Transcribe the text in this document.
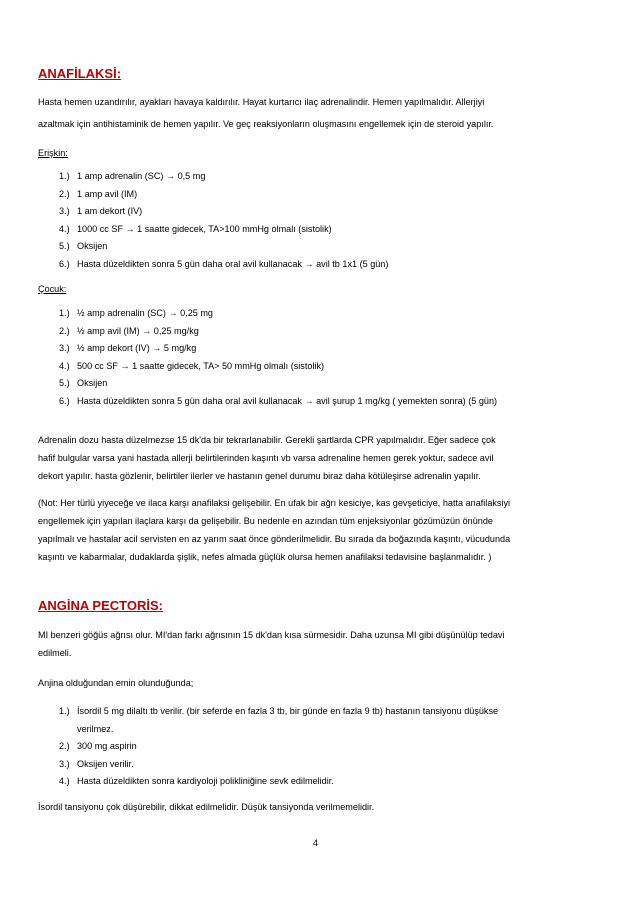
ANAFİLAKSİ:
Hasta hemen uzandırılır, ayakları havaya kaldırılır. Hayat kurtarıcı ilaç adrenalindir. Hemen yapılmalıdır. Allerjiyi
azaltmak için antihistaminik de hemen yapılır. Ve geç reaksiyonların oluşmasını engellemek için de steroid yapılır.
Erişkin:
1.) 1 amp adrenalin (SC) → 0,5 mg
2.) 1 amp avil (IM)
3.) 1 am dekort (IV)
4.) 1000 cc SF → 1 saatte gidecek, TA>100 mmHg olmalı (sistolik)
5.) Oksijen
6.) Hasta düzeldikten sonra 5 gün daha oral avil kullanacak → avil tb 1x1 (5 gün)
Çocuk:
1.) ½ amp adrenalin (SC) → 0,25 mg
2.) ½ amp avil (IM) → 0,25 mg/kg
3.) ½ amp dekort (IV) → 5 mg/kg
4.) 500 cc SF → 1 saatte gidecek, TA> 50 mmHg olmalı (sistolik)
5.) Oksijen
6.) Hasta düzeldikten sonra 5 gün daha oral avil kullanacak → avil şurup 1 mg/kg ( yemekten sonra) (5 gün)
Adrenalin dozu hasta düzelmezse 15 dk'da bir tekrarlanabilir. Gerekli şartlarda CPR yapılmalıdır. Eğer sadece çok
hafif bulgular varsa yani hastada allerji belirtilerinden kaşıntı vb varsa adrenaline hemen gerek yoktur, sadece avil
dekort yapılır. hasta gözlenir, belirtiler ilerler ve hastanın genel durumu biraz daha kötüleşirse adrenalin yapılır.
(Not: Her türlü yiyeceğe ve ilaca karşı anafilaksi gelişebilir. En ufak bir ağrı kesiciye, kas gevşeticiye, hatta anafilaksiyi
engellemek için yapılan ilaçlara karşı da gelişebilir. Bu nedenle en azından tüm enjeksiyonlar gözümüzün önünde
yapılmalı ve hastalar acil servisten en az yarım saat önce gönderilmelidir. Bu sırada da boğazında kaşıntı, vücudunda
kaşıntı ve kabarmalar, dudaklarda şişlik, nefes almada güçlük olursa hemen anafilaksi tedavisine başlanmalıdır. )
ANGİNA PECTORİS:
MI benzeri göğüs ağrısı olur. MI'dan farkı ağrısının 15 dk'dan kısa sürmesidir. Daha uzunsa MI gibi düşünülüp tedavi
edilmeli.
Anjina olduğundan emin olunduğunda;
1.) İsordil 5 mg dilaltı tb verilir. (bir seferde en fazla 3 tb, bir günde en fazla 9 tb) hastanın tansiyonu düşükse
verilmez.
2.) 300 mg aspirin
3.) Oksijen verilir.
4.) Hasta düzeldikten sonra kardiyoloji polikliniğine sevk edilmelidir.
İsordil tansiyonu çok düşürebilir, dikkat edilmelidir. Düşük tansiyonda verilmemelidir.
4
